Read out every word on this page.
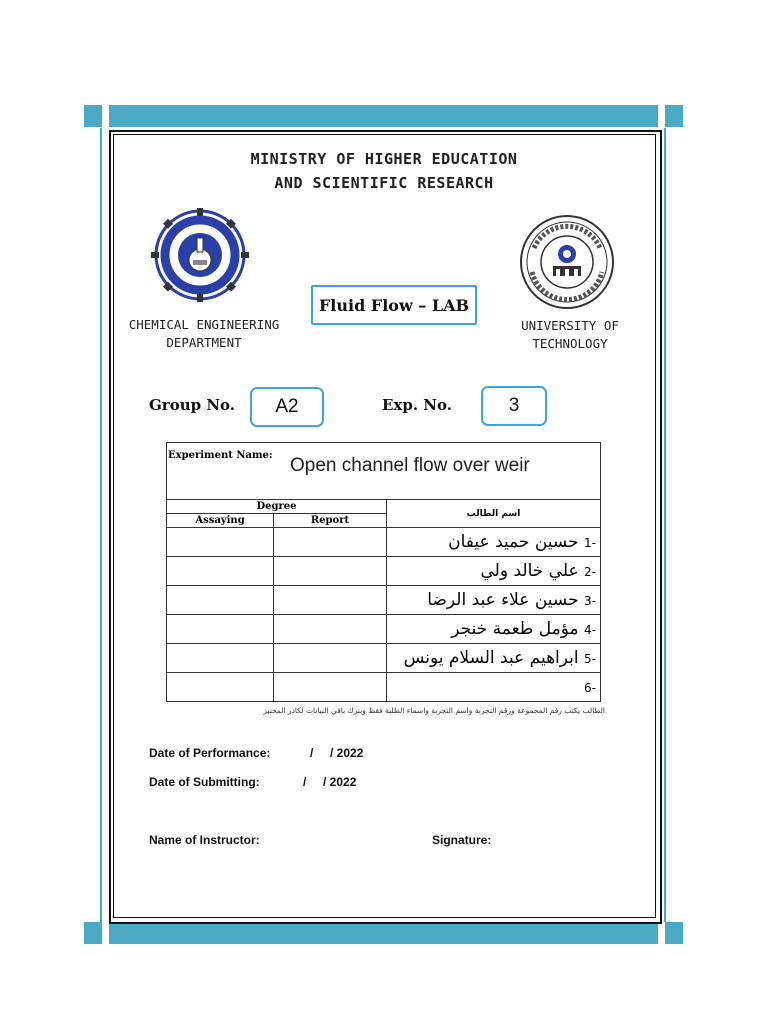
MINISTRY OF HIGHER EDUCATION
AND SCIENTIFIC RESEARCH
CHEMICAL ENGINEERING
DEPARTMENT
UNIVERSITY OF
TECHNOLOGY
Fluid Flow – LAB
Group No.	A2	Exp. No.	3

Degree		اسم الطالب
Assaying	Report	
		-1 حسين حميد عيفان
		-2 علي خالد ولي
		-3 حسين علاء عبد الرضا
		-4 مؤمل طعمة خنجر
		-5 ابراهيم عبد السلام يونس
		-6
Experiment Name: Open channel flow over weir
الطالب يكتب رقم المجموعة ورقم التجربة واسم التجربة واسماء الطلبة فقط ويترك باقي البيانات لكادر المختبر
Date of Performance:	/     / 2022
Date of Submitting:	/     / 2022
Name of Instructor:	Signature:
